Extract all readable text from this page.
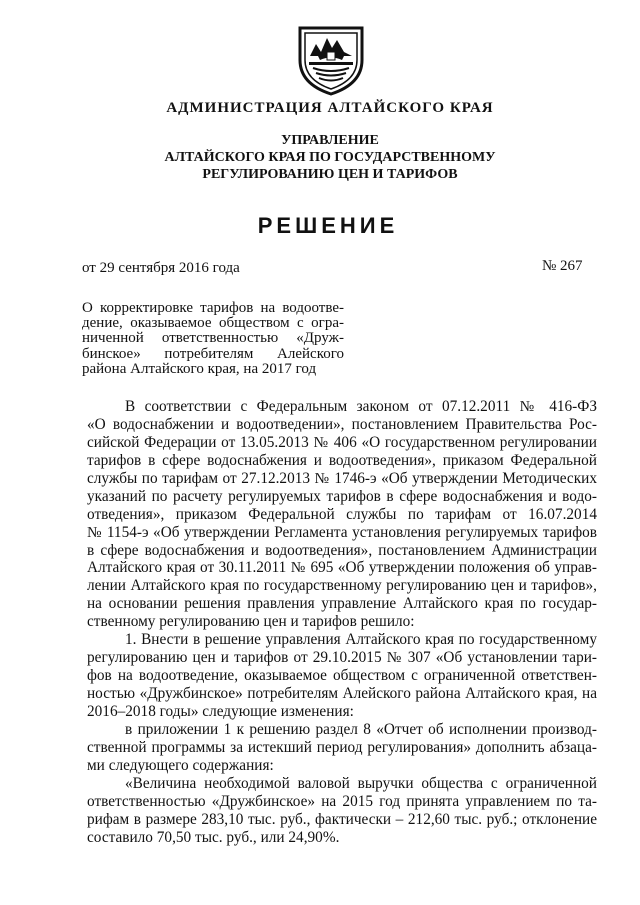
АДМИНИСТРАЦИЯ АЛТАЙСКОГО КРАЯ
УПРАВЛЕНИЕ
АЛТАЙСКОГО КРАЯ ПО ГОСУДАРСТВЕННОМУ
РЕГУЛИРОВАНИЮ ЦЕН И ТАРИФОВ
РЕШЕНИЕ
от 29 сентября 2016 года	№ 267
О корректировке тарифов на водоотве-
дение, оказываемое обществом с огра-
ниченной ответственностью «Друж-
бинское» потребителям Алейского
района Алтайского края, на 2017 год
В соответствии с Федеральным законом от 07.12.2011 № 416-ФЗ
«О водоснабжении и водоотведении», постановлением Правительства Рос-
сийской Федерации от 13.05.2013 № 406 «О государственном регулировании
тарифов в сфере водоснабжения и водоотведения», приказом Федеральной
службы по тарифам от 27.12.2013 № 1746-э «Об утверждении Методических
указаний по расчету регулируемых тарифов в сфере водоснабжения и водо-
отведения», приказом Федеральной службы по тарифам от 16.07.2014
№ 1154-э «Об утверждении Регламента установления регулируемых тарифов
в сфере водоснабжения и водоотведения», постановлением Администрации
Алтайского края от 30.11.2011 № 695 «Об утверждении положения об управ-
лении Алтайского края по государственному регулированию цен и тарифов»,
на основании решения правления управление Алтайского края по государ-
ственному регулированию цен и тарифов решило:
1. Внести в решение управления Алтайского края по государственному
регулированию цен и тарифов от 29.10.2015 № 307 «Об установлении тари-
фов на водоотведение, оказываемое обществом с ограниченной ответствен-
ностью «Дружбинское» потребителям Алейского района Алтайского края, на
2016–2018 годы» следующие изменения:
в приложении 1 к решению раздел 8 «Отчет об исполнении производ-
ственной программы за истекший период регулирования» дополнить абзаца-
ми следующего содержания:
«Величина необходимой валовой выручки общества с ограниченной
ответственностью «Дружбинское» на 2015 год принята управлением по та-
рифам в размере 283,10 тыс. руб., фактически – 212,60 тыс. руб.; отклонение
составило 70,50 тыс. руб., или 24,90%.
